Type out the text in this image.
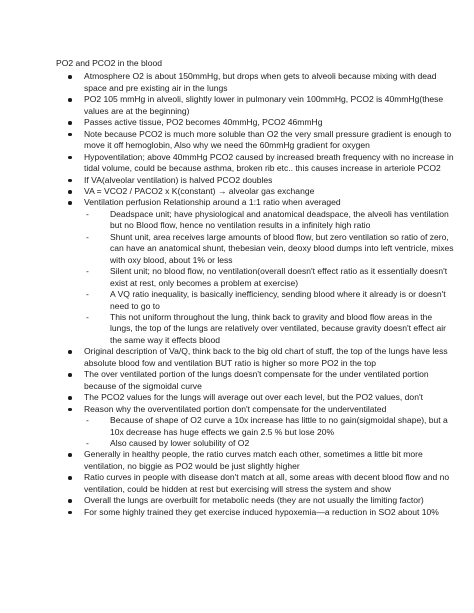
PO2 and PCO2 in the blood
Atmosphere O2 is about 150mmHg, but drops when gets to alveoli because mixing with dead space and pre existing air in the lungs
PO2 105 mmHg in alveoli, slightly lower in pulmonary vein 100mmHg, PCO2 is 40mmHg(these values are at the beginning)
Passes active tissue, PO2 becomes 40mmHg, PCO2 46mmHg
Note because PCO2 is much more soluble than O2 the very small pressure gradient is enough to move it off hemoglobin, Also why we need the 60mmHg gradient for oxygen
Hypoventilation; above 40mmHg PCO2 caused by increased breath frequency with no increase in tidal volume, could be because asthma, broken rib etc.. this causes increase in arteriole PCO2
If VA(alveolar ventilation) is halved PCO2 doubles
VA = VCO2 / PACO2 x K(constant) → alveolar gas exchange
Ventilation perfusion Relationship around a 1:1 ratio when averaged
- Deadspace unit; have physiological and anatomical deadspace, the alveoli has ventilation but no Blood flow, hence no ventilation results in a infinitely high ratio
- Shunt unit, area receives large amounts of blood flow, but zero ventilation so ratio of zero, can have an anatomical shunt, thebesian vein, deoxy blood dumps into left ventricle, mixes with oxy blood, about 1% or less
- Silent unit; no blood flow, no ventilation(overall doesn't effect ratio as it essentially doesn't exist at rest, only becomes a problem at exercise)
- A VQ ratio inequality, is basically inefficiency, sending blood where it already is or doesn't need to go to
- This not uniform throughout the lung, think back to gravity and blood flow areas in the lungs, the top of the lungs are relatively over ventilated, because gravity doesn't effect air the same way it effects blood
Original description of Va/Q, think back to the big old chart of stuff, the top of the lungs have less absolute blood fow and ventilation BUT ratio is higher so more PO2 in the top
The over ventilated portion of the lungs doesn't compensate for the under ventilated portion because of the sigmoidal curve
The PCO2 values for the lungs will average out over each level, but the PO2 values, don't
Reason why the overventilated portion don't compensate for the underventilated
- Because of shape of O2 curve a 10x increase has little to no gain(sigmoidal shape), but a 10x decrease has huge effects we gain 2.5 % but lose 20%
- Also caused by lower solubility of O2
Generally in healthy people, the ratio curves match each other, sometimes a little bit more ventilation, no biggie as PO2 would be just slightly higher
Ratio curves in people with disease don't match at all, some areas with decent blood flow and no ventilation, could be hidden at rest but exercising will stress the system and show
Overall the lungs are overbuilt for metabolic needs (they are not usually the limiting factor)
For some highly trained they get exercise induced hypoxemia—a reduction in SO2 about 10%
